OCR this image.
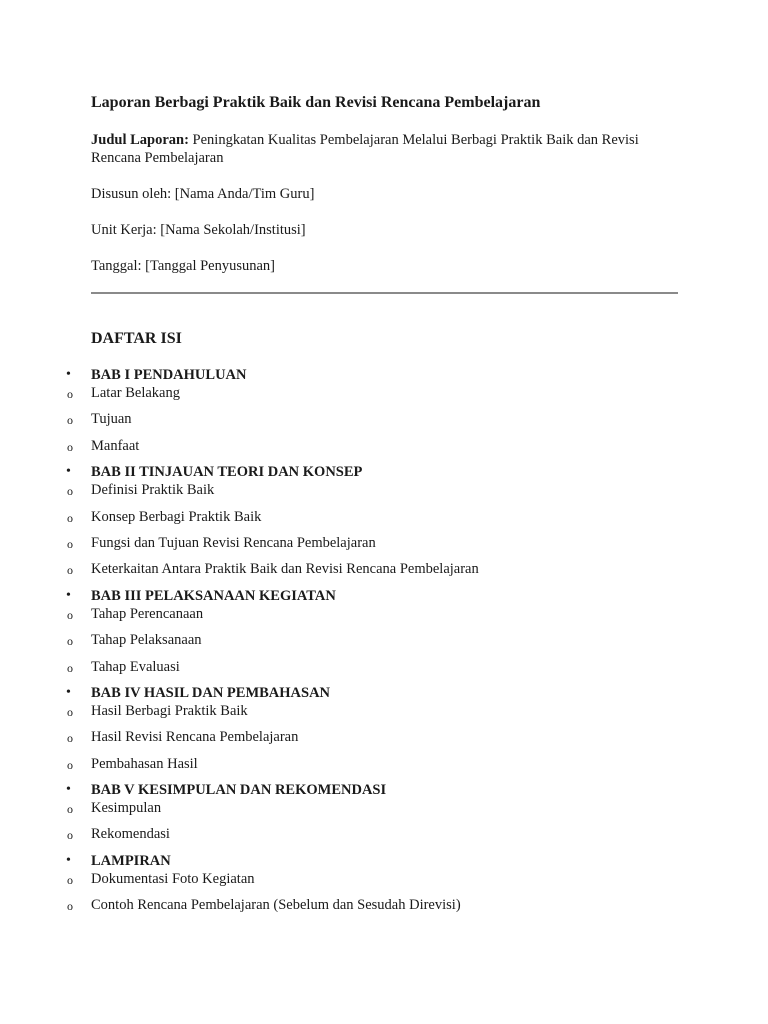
Laporan Berbagi Praktik Baik dan Revisi Rencana Pembelajaran

Judul Laporan: Peningkatan Kualitas Pembelajaran Melalui Berbagi Praktik Baik dan Revisi Rencana Pembelajaran

Disusun oleh: [Nama Anda/Tim Guru]

Unit Kerja: [Nama Sekolah/Institusi]

Tanggal: [Tanggal Penyusunan]

DAFTAR ISI
• BAB I PENDAHULUAN
o Latar Belakang
o Tujuan
o Manfaat
• BAB II TINJAUAN TEORI DAN KONSEP
o Definisi Praktik Baik
o Konsep Berbagi Praktik Baik
o Fungsi dan Tujuan Revisi Rencana Pembelajaran
o Keterkaitan Antara Praktik Baik dan Revisi Rencana Pembelajaran
• BAB III PELAKSANAAN KEGIATAN
o Tahap Perencanaan
o Tahap Pelaksanaan
o Tahap Evaluasi
• BAB IV HASIL DAN PEMBAHASAN
o Hasil Berbagi Praktik Baik
o Hasil Revisi Rencana Pembelajaran
o Pembahasan Hasil
• BAB V KESIMPULAN DAN REKOMENDASI
o Kesimpulan
o Rekomendasi
• LAMPIRAN
o Dokumentasi Foto Kegiatan
o Contoh Rencana Pembelajaran (Sebelum dan Sesudah Direvisi)
